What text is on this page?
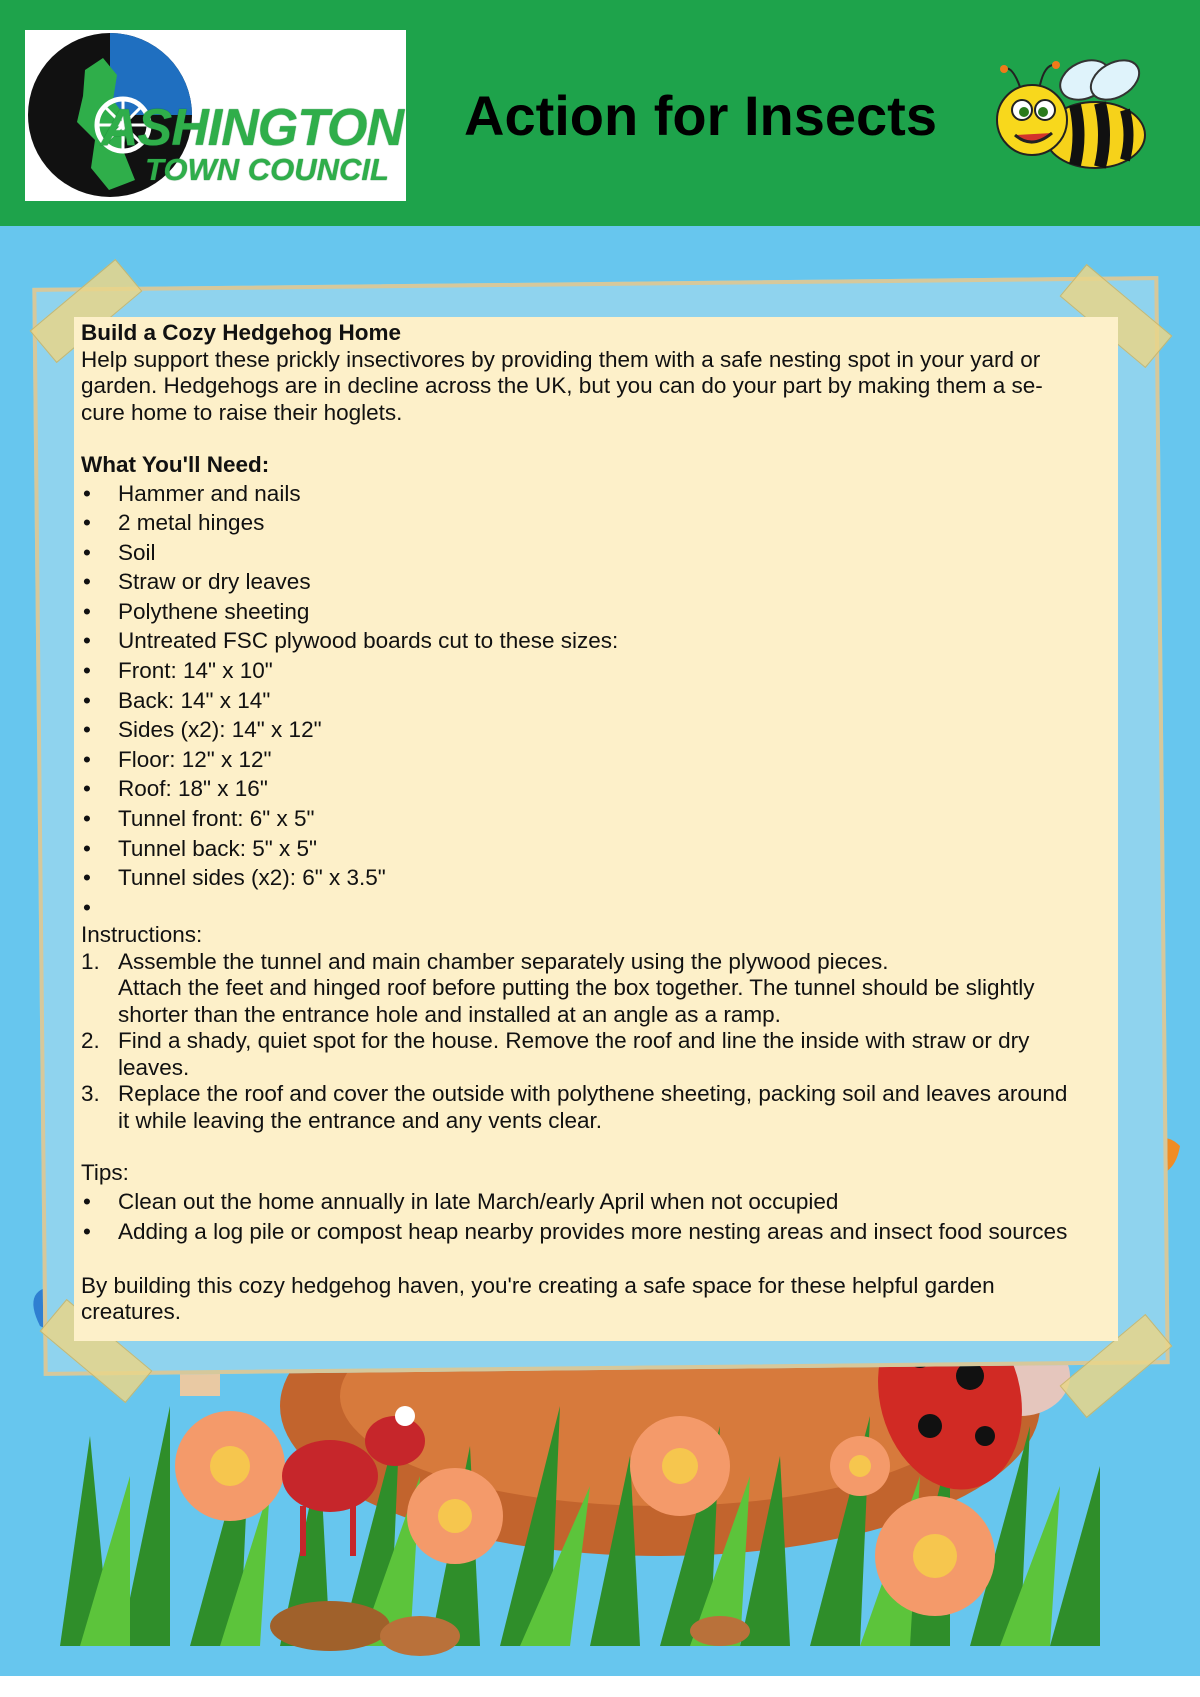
ASHINGTON
TOWN COUNCIL
Action for Insects
Build a Cozy Hedgehog Home
Help support these prickly insectivores by providing them with a safe nesting spot in your yard or
garden. Hedgehogs are in decline across the UK, but you can do your part by making them a se-
cure home to raise their hoglets.
What You'll Need:
• Hammer and nails
• 2 metal hinges
• Soil
• Straw or dry leaves
• Polythene sheeting
• Untreated FSC plywood boards cut to these sizes:
• Front: 14" x 10"
• Back: 14" x 14"
• Sides (x2): 14" x 12"
• Floor: 12" x 12"
• Roof: 18" x 16"
• Tunnel front: 6" x 5"
• Tunnel back: 5" x 5"
• Tunnel sides (x2): 6" x 3.5"
•
Instructions:
1. Assemble the tunnel and main chamber separately using the plywood pieces.
Attach the feet and hinged roof before putting the box together. The tunnel should be slightly
shorter than the entrance hole and installed at an angle as a ramp.
2. Find a shady, quiet spot for the house. Remove the roof and line the inside with straw or dry
leaves.
3. Replace the roof and cover the outside with polythene sheeting, packing soil and leaves around
it while leaving the entrance and any vents clear.
Tips:
• Clean out the home annually in late March/early April when not occupied
• Adding a log pile or compost heap nearby provides more nesting areas and insect food sources
By building this cozy hedgehog haven, you're creating a safe space for these helpful garden
creatures.
